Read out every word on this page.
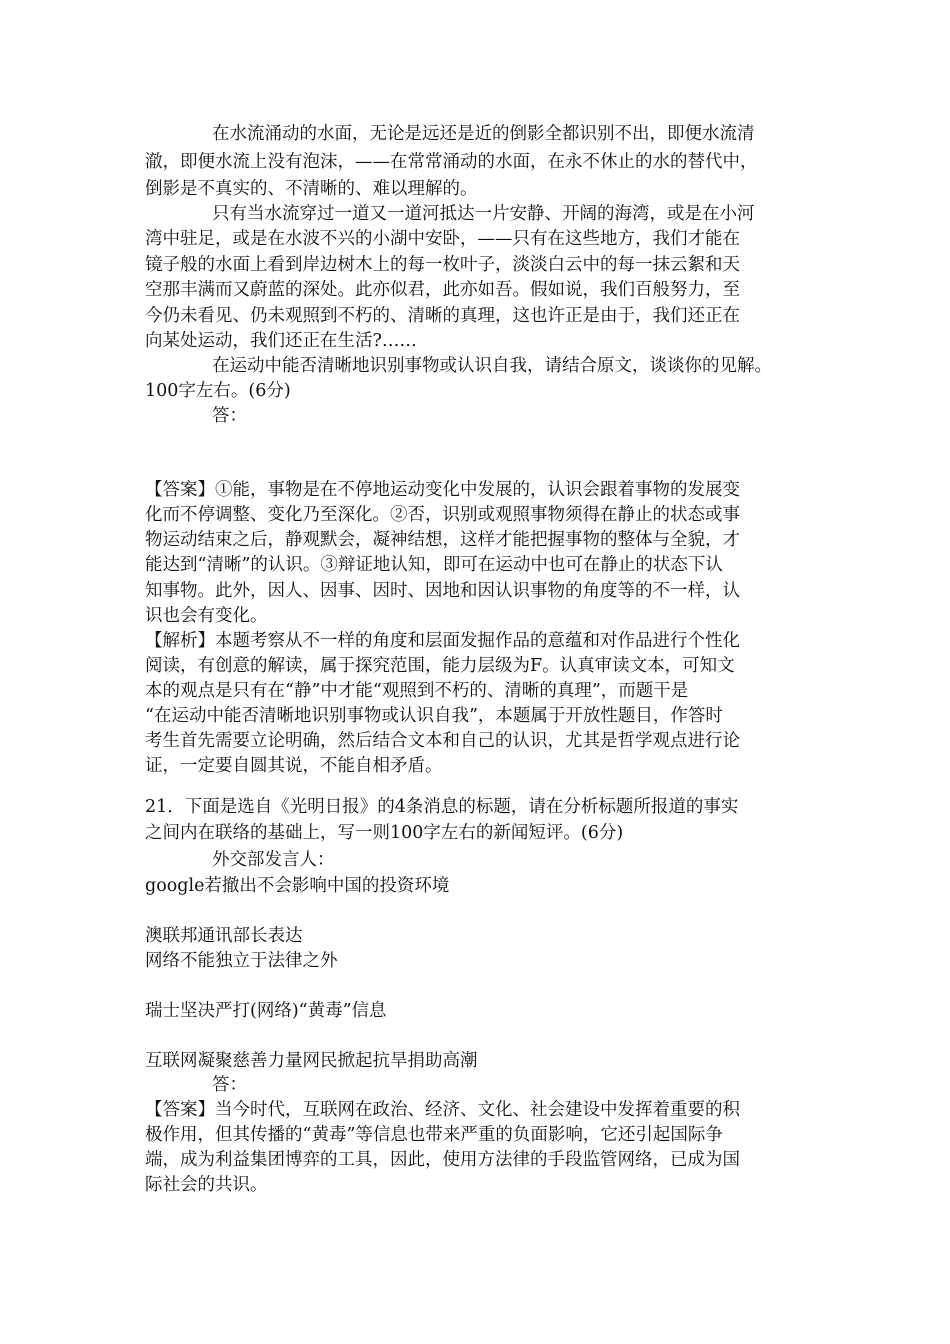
在水流涌动的水面，无论是远还是近的倒影全都识别不出，即便水流清
澈，即便水流上没有泡沫，——在常常涌动的水面，在永不休止的水的替代中，
倒影是不真实的、不清晰的、难以理解的。
只有当水流穿过一道又一道河抵达一片安静、开阔的海湾，或是在小河
湾中驻足，或是在水波不兴的小湖中安卧，——只有在这些地方，我们才能在
镜子般的水面上看到岸边树木上的每一枚叶子，淡淡白云中的每一抹云絮和天
空那丰满而又蔚蓝的深处。此亦似君，此亦如吾。假如说，我们百般努力，至
今仍未看见、仍未观照到不朽的、清晰的真理，这也许正是由于，我们还正在
向某处运动，我们还正在生活?……
在运动中能否清晰地识别事物或认识自我，请结合原文，谈谈你的见解。
100字左右。(6分)
答：
【答案】①能，事物是在不停地运动变化中发展的，认识会跟着事物的发展变
化而不停调整、变化乃至深化。②否，识别或观照事物须得在静止的状态或事
物运动结束之后，静观默会，凝神结想，这样才能把握事物的整体与全貌，才
能达到“清晰”的认识。③辩证地认知，即可在运动中也可在静止的状态下认
知事物。此外，因人、因事、因时、因地和因认识事物的角度等的不一样，认
识也会有变化。
【解析】本题考察从不一样的角度和层面发掘作品的意蕴和对作品进行个性化
阅读，有创意的解读，属于探究范围，能力层级为F。认真审读文本，可知文
本的观点是只有在“静”中才能“观照到不朽的、清晰的真理”，而题干是
“在运动中能否清晰地识别事物或认识自我”，本题属于开放性题目，作答时
考生首先需要立论明确，然后结合文本和自己的认识，尤其是哲学观点进行论
证，一定要自圆其说，不能自相矛盾。
21．下面是选自《光明日报》的4条消息的标题，请在分析标题所报道的事实
之间内在联络的基础上，写一则100字左右的新闻短评。(6分)
外交部发言人：
google若撤出不会影响中国的投资环境
澳联邦通讯部长表达
网络不能独立于法律之外
瑞士坚决严打(网络)“黄毒”信息
互联网凝聚慈善力量网民掀起抗旱捐助高潮
答：
【答案】当今时代，互联网在政治、经济、文化、社会建设中发挥着重要的积
极作用，但其传播的“黄毒”等信息也带来严重的负面影响，它还引起国际争
端，成为利益集团博弈的工具，因此，使用方法律的手段监管网络，已成为国
际社会的共识。
